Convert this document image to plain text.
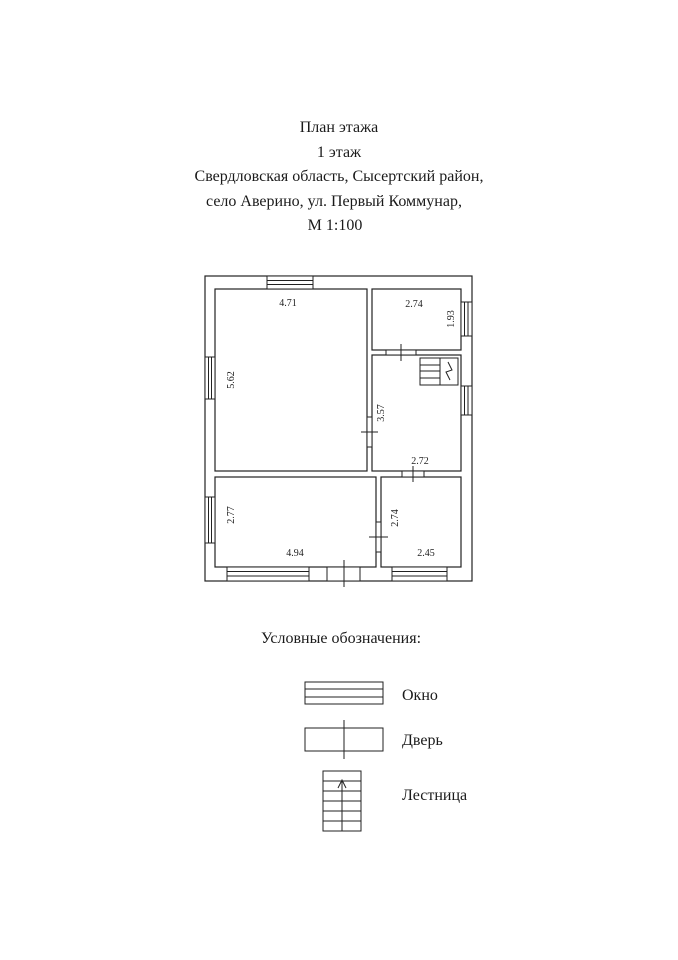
План этажа
1 этаж
Свердловская область, Сысертский район,
село Аверино, ул. Первый Коммунар,
М 1:100
4.71
5.62
2.74
1.93
3.57
2.72
2.77
4.94
2.74
2.45
Условные обозначения:
Окно
Дверь
Лестница
